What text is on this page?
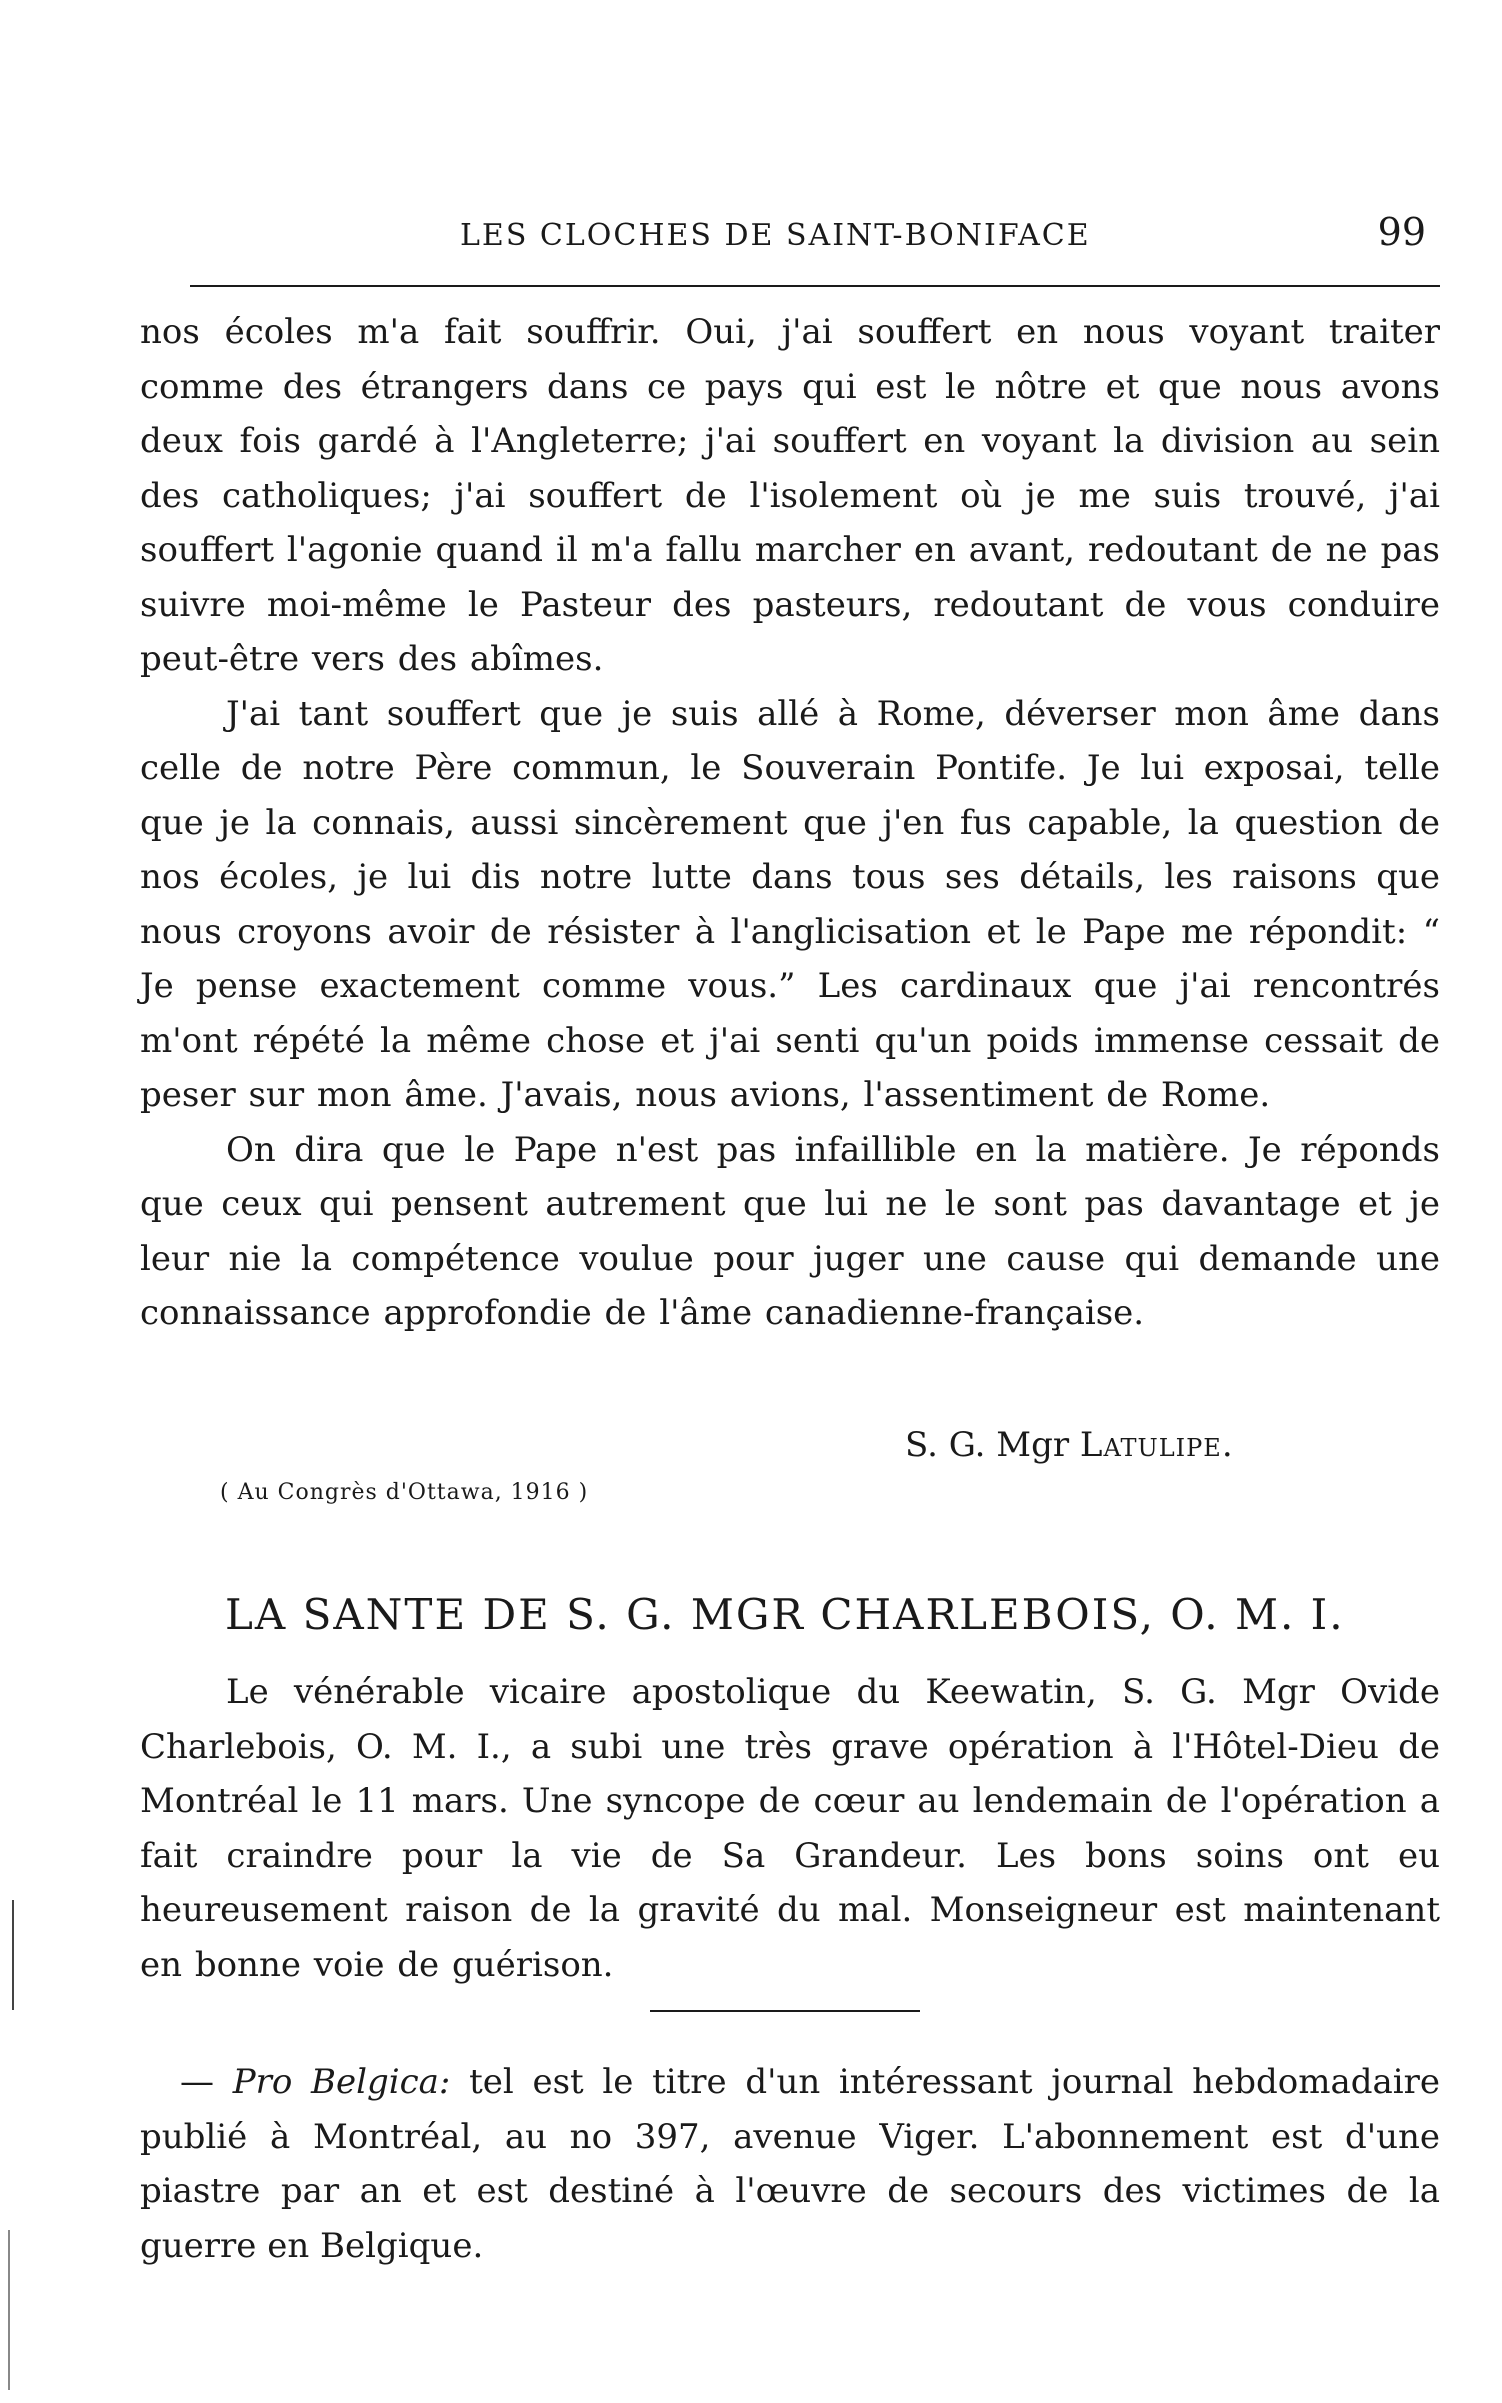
LES CLOCHES DE SAINT-BONIFACE	99

nos écoles m'a fait souffrir. Oui, j'ai souffert en nous voyant traiter comme des étrangers dans ce pays qui est le nôtre et que nous avons deux fois gardé à l'Angleterre; j'ai souffert en voyant la division au sein des catholiques; j'ai souffert de l'isolement où je me suis trouvé, j'ai souffert l'agonie quand il m'a fallu marcher en avant, redoutant de ne pas suivre moi-même le Pasteur des pasteurs, redoutant de vous conduire peut-être vers des abîmes.

J'ai tant souffert que je suis allé à Rome, déverser mon âme dans celle de notre Père commun, le Souverain Pontife. Je lui exposai, telle que je la connais, aussi sincèrement que j'en fus capable, la question de nos écoles, je lui dis notre lutte dans tous ses détails, les raisons que nous croyons avoir de résister à l'anglicisation et le Pape me répondit: “ Je pense exactement comme vous.” Les cardinaux que j'ai rencontrés m'ont répété la même chose et j'ai senti qu'un poids immense cessait de peser sur mon âme. J'avais, nous avions, l'assentiment de Rome.

On dira que le Pape n'est pas infaillible en la matière. Je réponds que ceux qui pensent autrement que lui ne le sont pas davantage et je leur nie la compétence voulue pour juger une cause qui demande une connaissance approfondie de l'âme canadienne-française.

S. G. Mgr Latulipe.
( Au Congrès d'Ottawa, 1916 )
LA SANTE DE S. G. MGR CHARLEBOIS, O. M. I.

Le vénérable vicaire apostolique du Keewatin, S. G. Mgr Ovide Charlebois, O. M. I., a subi une très grave opération à l'Hôtel-Dieu de Montréal le 11 mars. Une syncope de cœur au lendemain de l'opération a fait craindre pour la vie de Sa Grandeur. Les bons soins ont eu heureusement raison de la gravité du mal. Monseigneur est maintenant en bonne voie de guérison.

— Pro Belgica: tel est le titre d'un intéressant journal hebdomadaire publié à Montréal, au no 397, avenue Viger. L'abonnement est d'une piastre par an et est destiné à l'œuvre de secours des victimes de la guerre en Belgique.
